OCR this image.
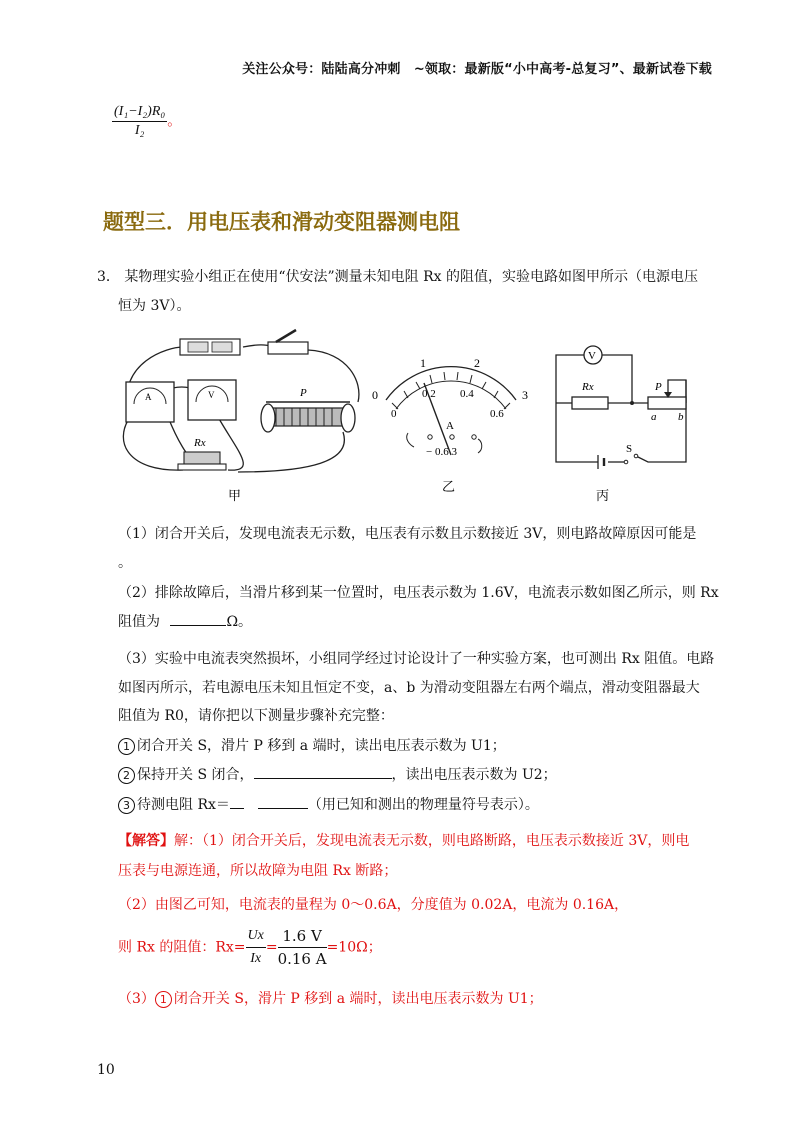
关注公众号：陆陆高分冲刺　~领取：最新版“小中高考-总复习”、最新试卷下载
$\frac{\text{(I₁−I₂)R₀}}{\text{I₂}}$ 。
题型三．用电压表和滑动变阻器测电阻
3． 某物理实验小组正在使用“伏安法”测量未知电阻 Rx 的阻值，实验电路如图甲所示（电源电压
恒为 3V）。
A	V	P
Rx
甲
0
1	2
3
0
0.2 0.4
0.6
A
− 0.6 3
乙
V
Rx	P
a b
S
丙
（1）闭合开关后，发现电流表无示数，电压表有示数且示数接近 3V，则电路故障原因可能是
。
（2）排除故障后，当滑片移到某一位置时，电压表示数为 1.6V，电流表示数如图乙所示，则 Rx
阻值为	Ω。
（3）实验中电流表突然损坏，小组同学经过讨论设计了一种实验方案，也可测出 Rx 阻值。电路
如图丙所示，若电源电压未知且恒定不变，a、b 为滑动变阻器左右两个端点，滑动变阻器最大
阻值为 R0，请你把以下测量步骤补充完整：
1 闭合开关 S，滑片 P 移到 a 端时，读出电压表示数为 U1；
2 保持开关 S 闭合，	，读出电压表示数为 U2；
3 待测电阻 Rx＝	（用已知和测出的物理量符号表示）。
【解答】解：（1）闭合开关后，发现电流表无示数，则电路断路，电压表示数接近 3V，则电
压表与电源连通，所以故障为电阻 Rx 断路；
（2）由图乙可知，电流表的量程为 0～0.6A，分度值为 0.02A，电流为 0.16A，
则 Rx 的阻值：$Rx= \frac{Ux}{Ix} = \frac{1.6 V}{0.16 A} =10\Omega$；
（3） 1 闭合开关 S，滑片 P 移到 a 端时，读出电压表示数为 U1；
10
